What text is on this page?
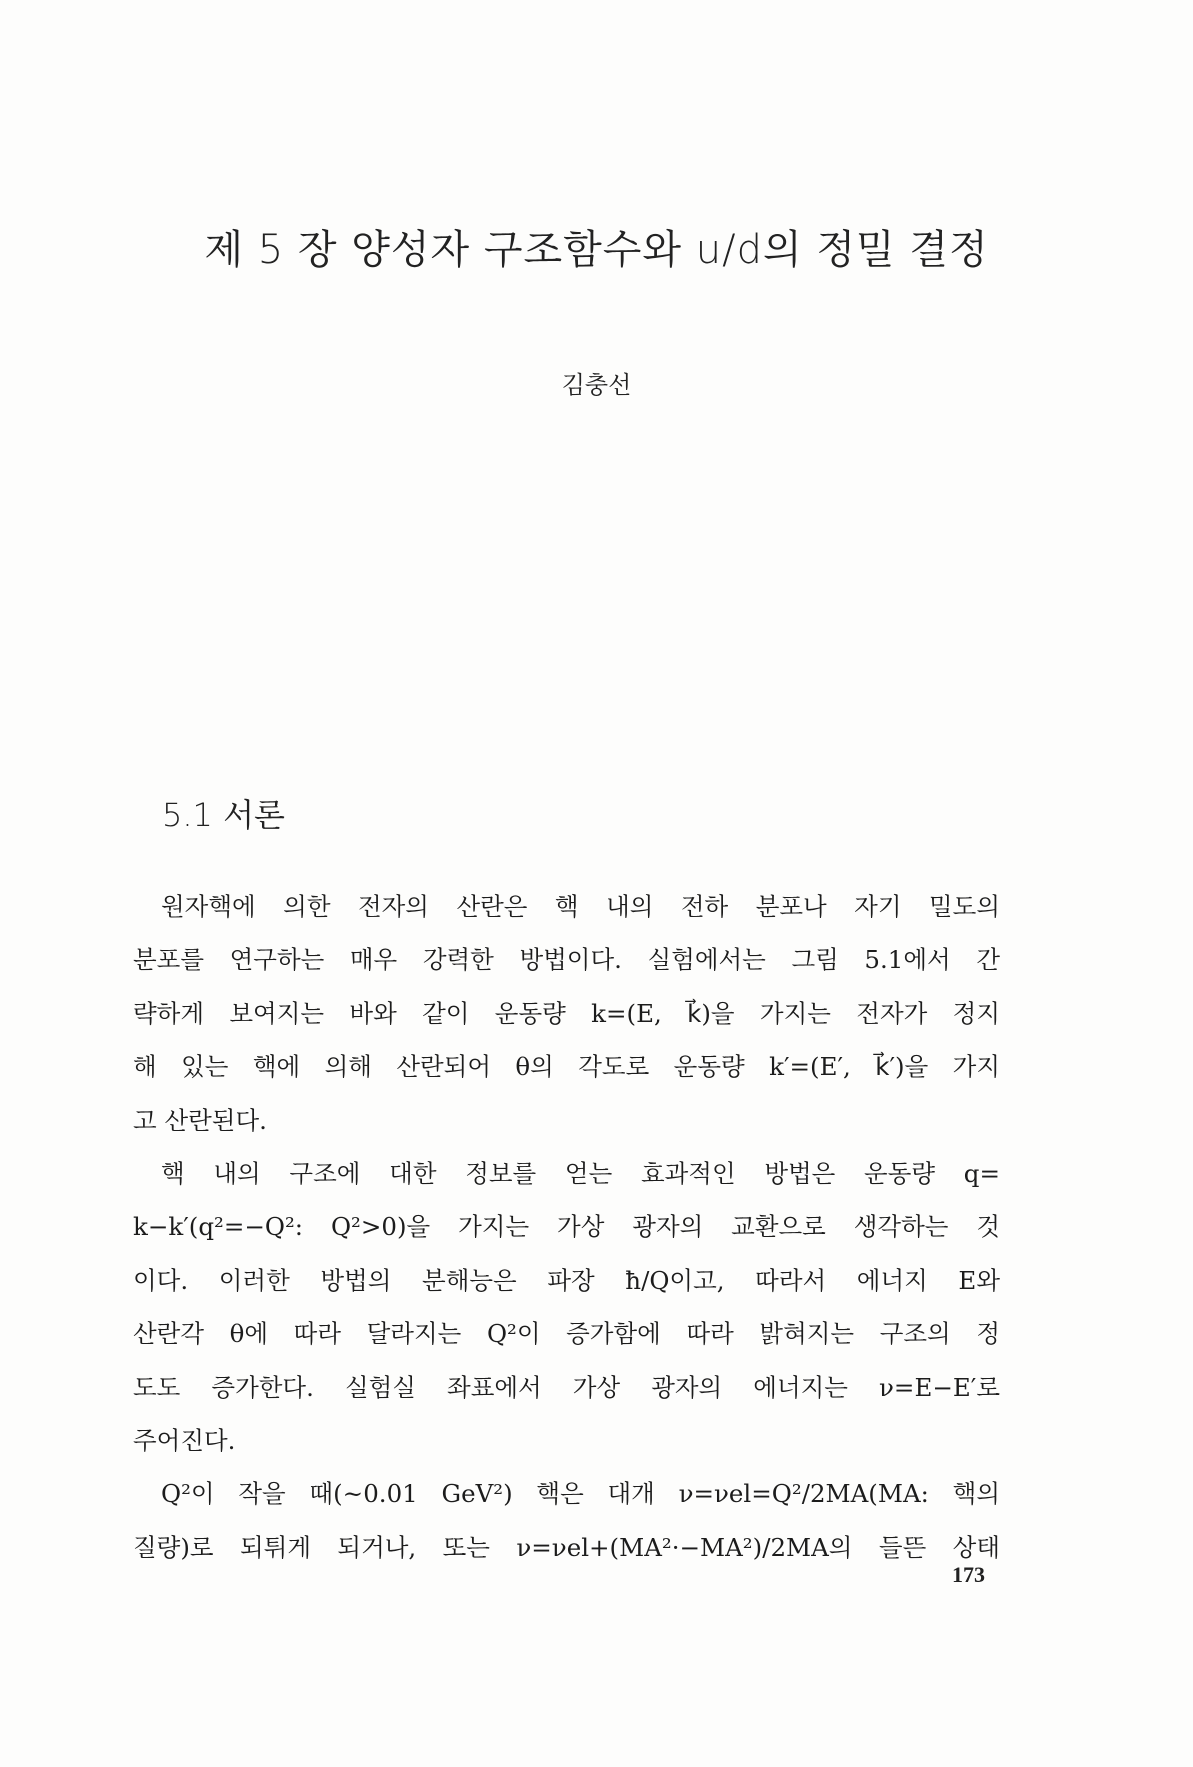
제 5 장 양성자 구조함수와 u/d의 정밀 결정
김충선
5.1 서론

원자핵에 의한 전자의 산란은 핵 내의 전하 분포나 자기 밀도의

분포를 연구하는 매우 강력한 방법이다. 실험에서는 그림 5.1에서 간

략하게 보여지는 바와 같이 운동량 k=(E, k⃗)을 가지는 전자가 정지

해 있는 핵에 의해 산란되어 θ의 각도로 운동량 k′=(E′, k⃗′)을 가지

고 산란된다.

핵 내의 구조에 대한 정보를 얻는 효과적인 방법은 운동량 q=

k−k′(q²=−Q²: Q²>0)을 가지는 가상 광자의 교환으로 생각하는 것

이다. 이러한 방법의 분해능은 파장 ħ/Q이고, 따라서 에너지 E와

산란각 θ에 따라 달라지는 Q²이 증가함에 따라 밝혀지는 구조의 정

도도 증가한다. 실험실 좌표에서 가상 광자의 에너지는 ν=E−E′로

주어진다.

Q²이 작을 때(~0.01 GeV²) 핵은 대개 ν=νel=Q²/2MA(MA: 핵의

질량)로 되튀게 되거나, 또는 ν=νel+(MA²·−MA²)/2MA의 들뜬 상태

173
